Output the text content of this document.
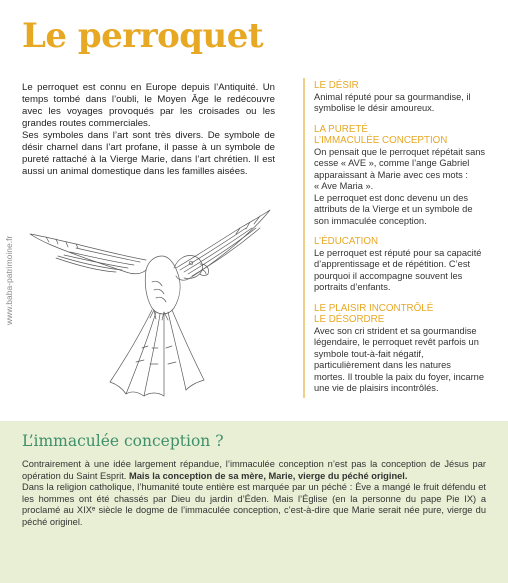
Le perroquet
www.baba-patrimoine.fr

Le perroquet est connu en Europe depuis l’Antiquité. Un temps tombé dans l’oubli, le Moyen Âge le redécouvre avec les voyages provoqués par les croisades ou les grandes routes commerciales.

Ses symboles dans l’art sont très divers. De symbole de désir charnel dans l’art profane, il passe à un symbole de pureté rattaché à la Vierge Marie, dans l’art chrétien. Il est aussi un animal domestique dans les familles aisées.

LE DÉSIR
Animal réputé pour sa gourmandise, il
symbolise le désir amoureux.
LA PURETÉ
L’IMMACULÉE CONCEPTION
On pensait que le perroquet répétait sans
cesse « AVE », comme l’ange Gabriel
apparaissant à Marie avec ces mots :
« Ave Maria ».
Le perroquet est donc devenu un des
attributs de la Vierge et un symbole de
son immaculée conception.
L’ÉDUCATION
Le perroquet est réputé pour sa capacité
d’apprentissage et de répétition. C’est
pourquoi il accompagne souvent les
portraits d’enfants.
LE PLAISIR INCONTRÔLÉ
LE DÉSORDRE
Avec son cri strident et sa gourmandise
légendaire, le perroquet revêt parfois un
symbole tout-à-fait négatif,
particulièrement dans les natures
mortes. Il trouble la paix du foyer, incarne
une vie de plaisirs incontrôlés.
L’immaculée conception ?

Contrairement à une idée largement répandue, l’immaculée conception n’est pas la conception de Jésus par opération du Saint Esprit. Mais la conception de sa mère, Marie, vierge du péché originel.

Dans la religion catholique, l’humanité toute entière est marquée par un péché : Ève a mangé le fruit défendu et les hommes ont été chassés par Dieu du jardin d’Éden. Mais l’Église (en la personne du pape Pie IX) a proclamé au XIXᵉ siècle le dogme de l’immaculée conception, c’est-à-dire que Marie serait née pure, vierge du péché originel.
